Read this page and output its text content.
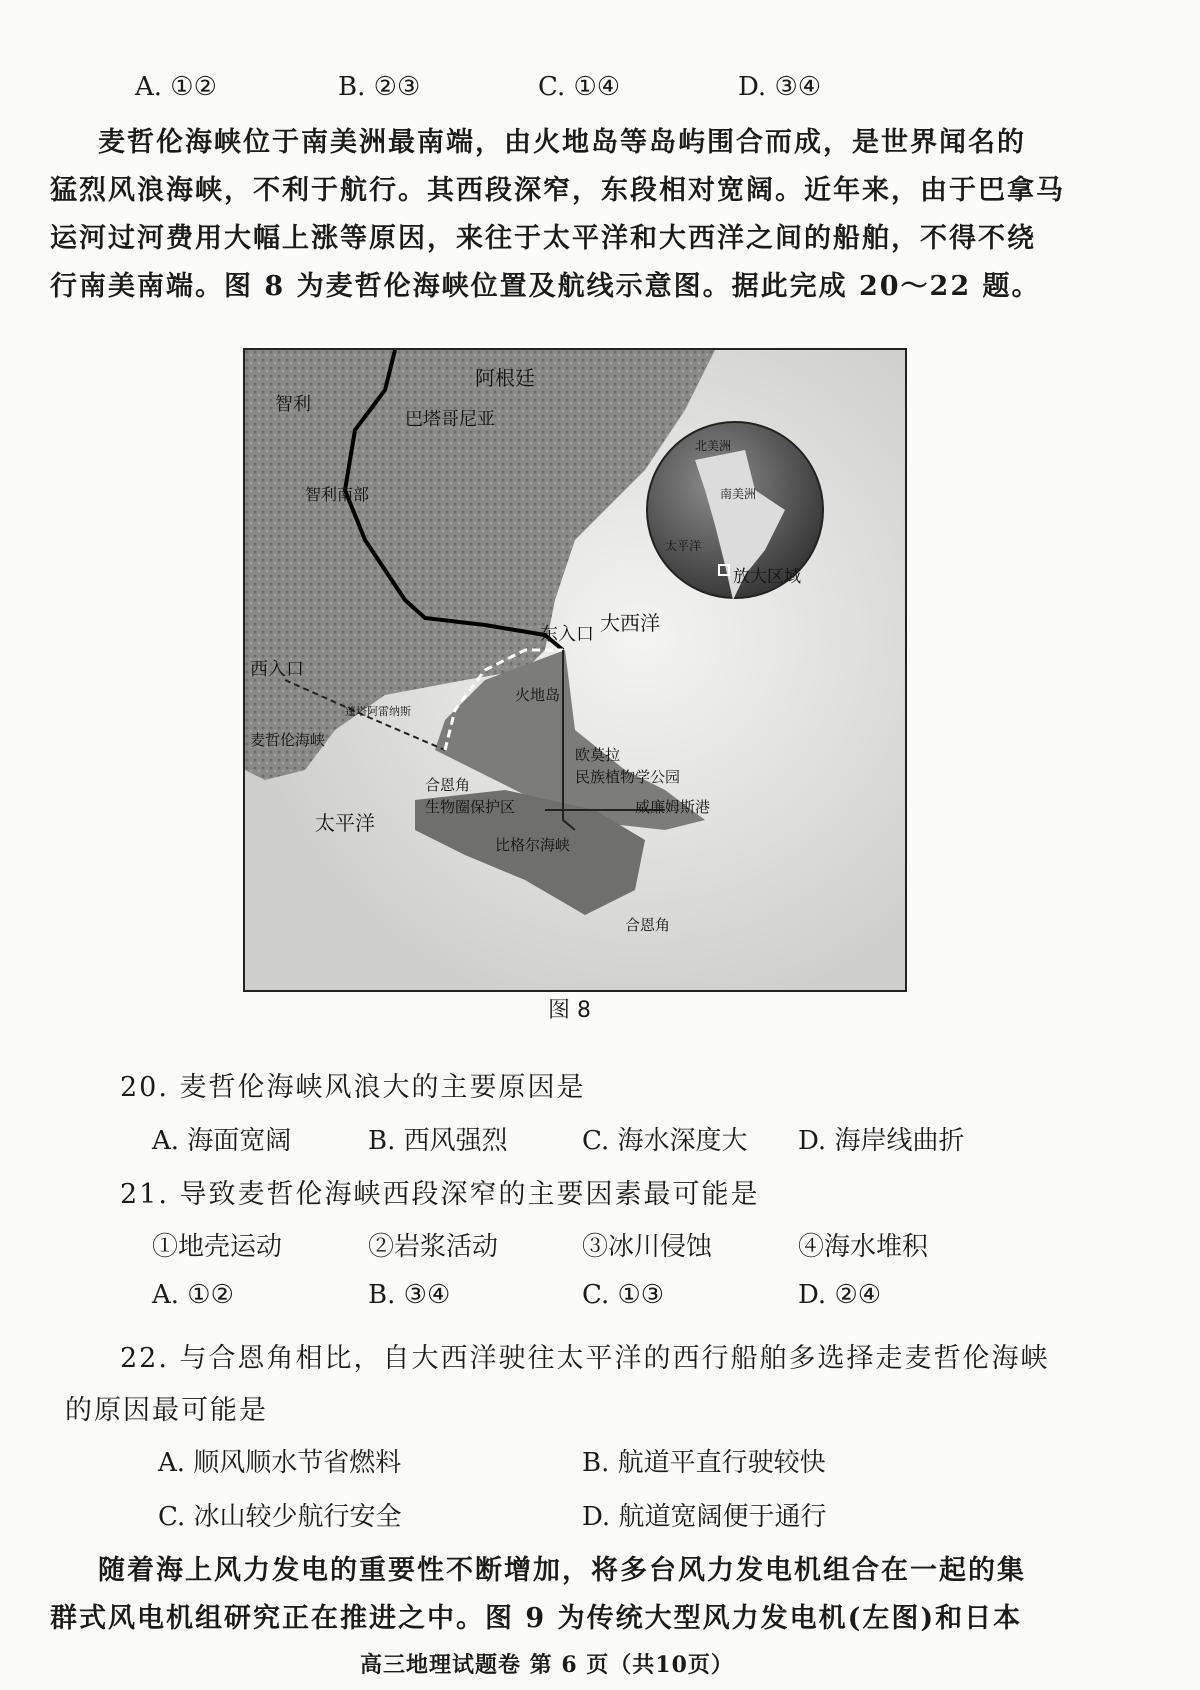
A. ①②	B. ②③	C. ①④	D. ③④
麦哲伦海峡位于南美洲最南端，由火地岛等岛屿围合而成，是世界闻名的
猛烈风浪海峡，不利于航行。其西段深窄，东段相对宽阔。近年来，由于巴拿马
运河过河费用大幅上涨等原因，来往于太平洋和大西洋之间的船舶，不得不绕
行南美南端。图 8 为麦哲伦海峡位置及航线示意图。据此完成 20～22 题。
阿根廷
智利
巴塔哥尼亚
智利南部
西入口
东入口 大西洋
太平洋
火地岛
麦哲伦海峡
蓬塔阿雷纳斯
欧莫拉
民族植物学公园
合恩角
生物圈保护区	威廉姆斯港
比格尔海峡
合恩角
北美洲
南美洲
太平洋
放大区域
图 8
20. 麦哲伦海峡风浪大的主要原因是
A. 海面宽阔	B. 西风强烈	C. 海水深度大 D. 海岸线曲折
21. 导致麦哲伦海峡西段深窄的主要因素最可能是
①地壳运动	②岩浆活动	③冰川侵蚀	④海水堆积
A. ①②	B. ③④	C. ①③	D. ②④
22. 与合恩角相比，自大西洋驶往太平洋的西行船舶多选择走麦哲伦海峡
的原因最可能是
A. 顺风顺水节省燃料	B. 航道平直行驶较快
C. 冰山较少航行安全	D. 航道宽阔便于通行
随着海上风力发电的重要性不断增加，将多台风力发电机组合在一起的集
群式风电机组研究正在推进之中。图 9 为传统大型风力发电机(左图)和日本
高三地理试题卷 第 6 页（共10页）
